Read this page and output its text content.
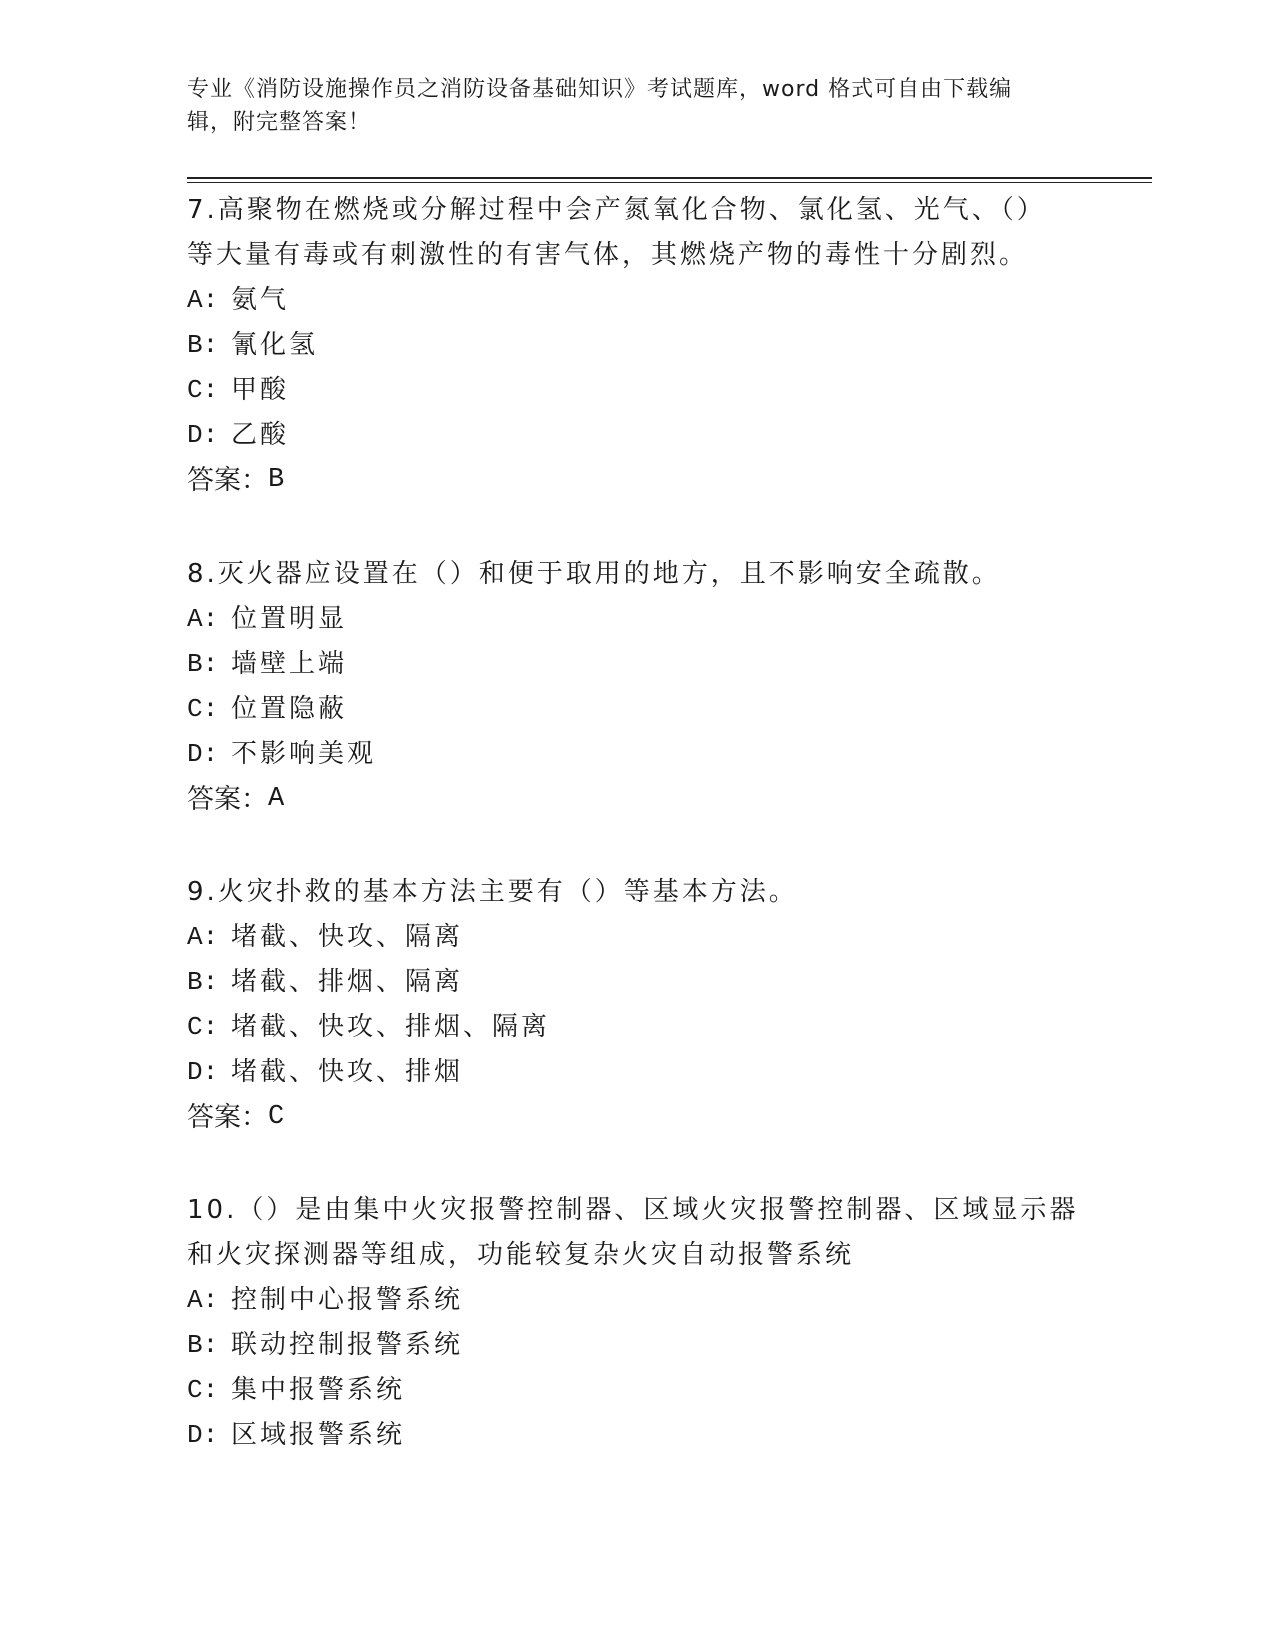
专业《消防设施操作员之消防设备基础知识》考试题库，word 格式可自由下载编
辑，附完整答案！

7.高聚物在燃烧或分解过程中会产氮氧化合物、氯化氢、光气、（）

等大量有毒或有刺激性的有害气体，其燃烧产物的毒性十分剧烈。

A: 氨气
B: 氰化氢
C: 甲酸
D: 乙酸
答案： B

8.灭火器应设置在（）和便于取用的地方，且不影响安全疏散。

A: 位置明显
B: 墙壁上端
C: 位置隐蔽
D: 不影响美观
答案： A

9.火灾扑救的基本方法主要有（）等基本方法。

A: 堵截、快攻、隔离
B: 堵截、排烟、隔离
C: 堵截、快攻、排烟、隔离
D: 堵截、快攻、排烟
答案： C

10.（）是由集中火灾报警控制器、区域火灾报警控制器、区域显示器

和火灾探测器等组成，功能较复杂火灾自动报警系统

A: 控制中心报警系统
B: 联动控制报警系统
C: 集中报警系统
D: 区域报警系统
